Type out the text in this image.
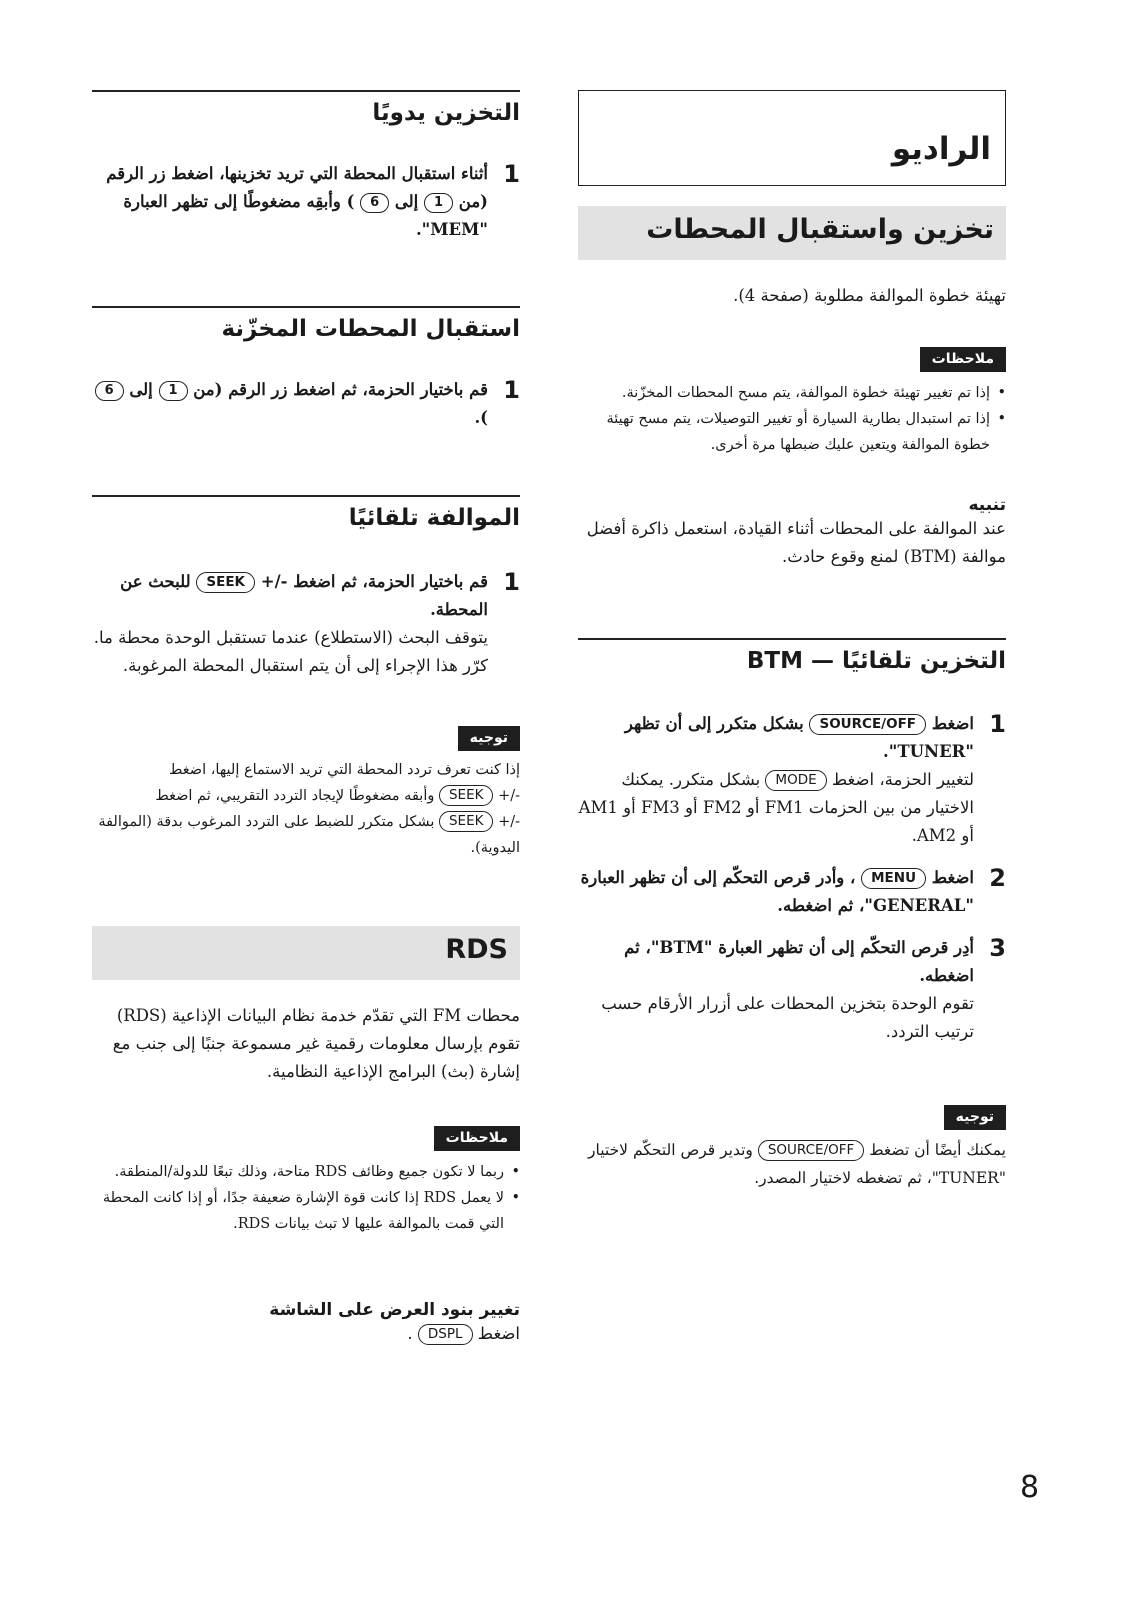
الراديو
تخزين واستقبال المحطات
تهيئة خطوة الموالفة مطلوبة (صفحة 4).
ملاحظات
• إذا تم تغيير تهيئة خطوة الموالفة، يتم مسح المحطات المخزّنة.
• إذا تم استبدال بطارية السيارة أو تغيير التوصيلات، يتم مسح تهيئة خطوة الموالفة ويتعين عليك ضبطها مرة أخرى.
تنبيه
عند الموالفة على المحطات أثناء القيادة، استعمل ذاكرة أفضل موالفة (BTM) لمنع وقوع حادث.
التخزين تلقائيًا — BTM
1
اضغط SOURCE/OFF بشكل متكرر إلى أن تظهر "TUNER".
لتغيير الحزمة، اضغط MODE بشكل متكرر. يمكنك الاختيار من بين الحزمات FM1 أو FM2 أو FM3 أو AM1 أو AM2.
2
اضغط MENU ، وأدر قرص التحكّم إلى أن تظهر العبارة "GENERAL"، ثم اضغطه.
3
أدِر قرص التحكّم إلى أن تظهر العبارة "BTM"، ثم اضغطه.
تقوم الوحدة بتخزين المحطات على أزرار الأرقام حسب ترتيب التردد.
توجيه
يمكنك أيضًا أن تضغط SOURCE/OFF وتدير قرص التحكّم لاختيار "TUNER"، ثم تضغطه لاختيار المصدر.
التخزين يدويًا
1
أثناء استقبال المحطة التي تريد تخزينها، اضغط زر الرقم (من 1 إلى 6 ) وأبقِه مضغوطًا إلى تظهر العبارة "MEM".
استقبال المحطات المخزّنة
1
قم باختيار الحزمة، ثم اضغط زر الرقم (من 1 إلى 6 ).
الموالفة تلقائيًا
1
قم باختيار الحزمة، ثم اضغط -/+ SEEK للبحث عن المحطة.
يتوقف البحث (الاستطلاع) عندما تستقبل الوحدة محطة ما. كرّر هذا الإجراء إلى أن يتم استقبال المحطة المرغوبة.
توجيه
إذا كنت تعرف تردد المحطة التي تريد الاستماع إليها، اضغط
-/+ SEEK وأبقه مضغوطًا لإيجاد التردد التقريبي، ثم اضغط
-/+ SEEK بشكل متكرر للضبط على التردد المرغوب بدقة (الموالفة اليدوية).
RDS
محطات FM التي تقدّم خدمة نظام البيانات الإذاعية (RDS) تقوم بإرسال معلومات رقمية غير مسموعة جنبًا إلى جنب مع إشارة (بث) البرامج الإذاعية النظامية.
ملاحظات
• ربما لا تكون جميع وظائف RDS متاحة، وذلك تبعًا للدولة/المنطقة.
• لا يعمل RDS إذا كانت قوة الإشارة ضعيفة جدًا، أو إذا كانت المحطة التي قمت بالموالفة عليها لا تبث بيانات RDS.
تغيير بنود العرض على الشاشة
اضغط DSPL .
8
